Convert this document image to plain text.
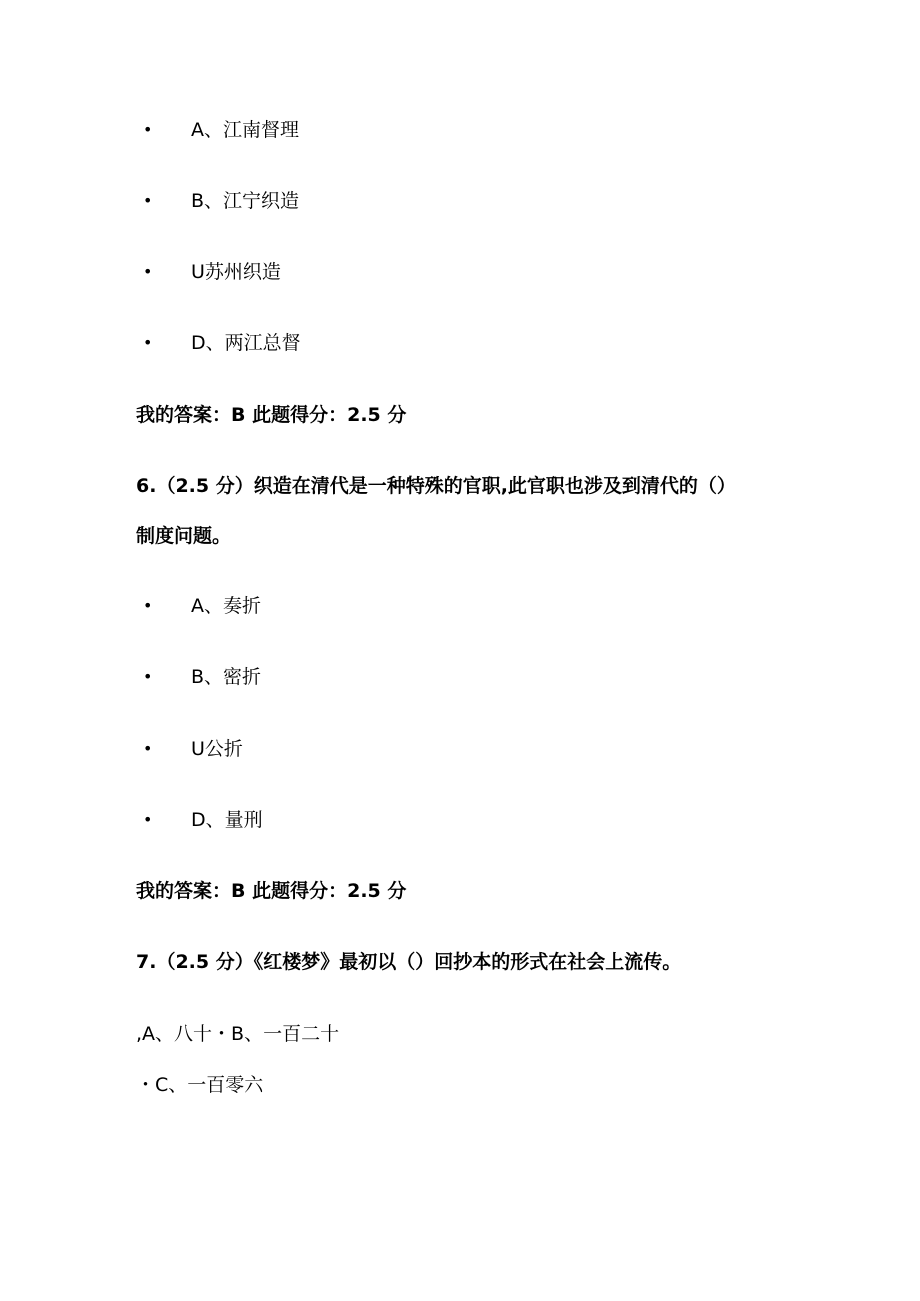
• A、江南督理
• B、江宁织造
• U苏州织造
• D、两江总督
我的答案：B 此题得分：2.5 分
6.（2.5 分）织造在清代是一种特殊的官职,此官职也涉及到清代的（）
制度问题。
• A、奏折
• B、密折
• U公折
• D、量刑
我的答案：B 此题得分：2.5 分
7.（2.5 分）《红楼梦》最初以（）回抄本的形式在社会上流传。
,A、八十・B、一百二十
・C、一百零六
